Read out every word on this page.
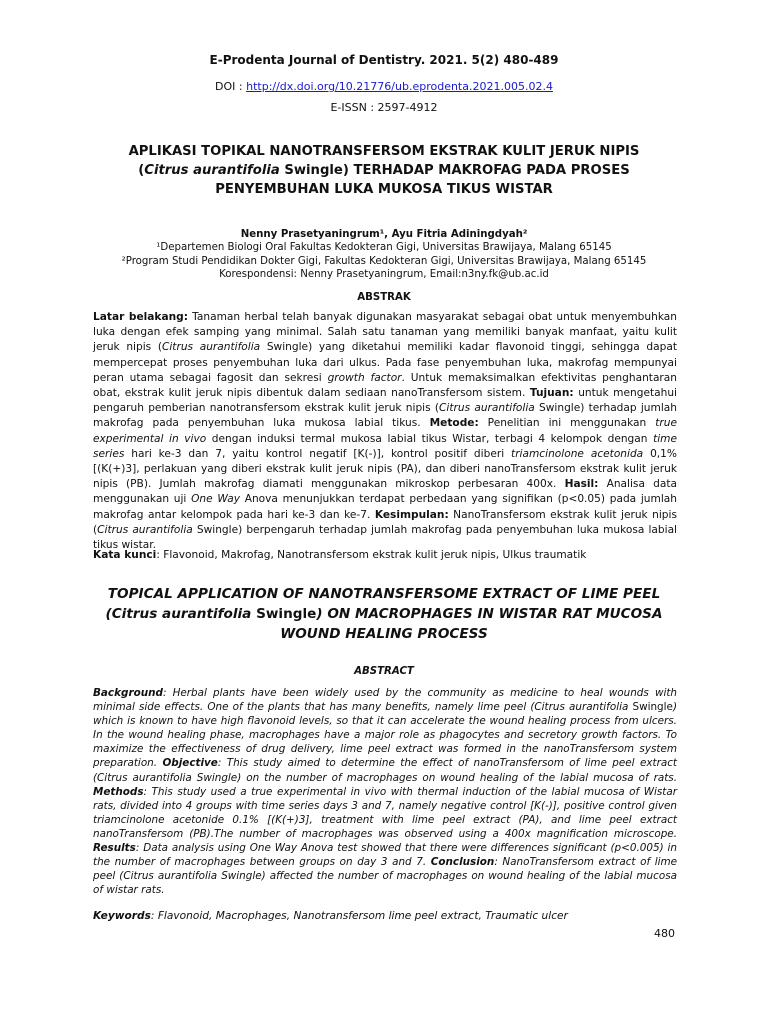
E-Prodenta Journal of Dentistry. 2021. 5(2) 480-489
DOI : http://dx.doi.org/10.21776/ub.eprodenta.2021.005.02.4
E-ISSN : 2597-4912
APLIKASI TOPIKAL NANOTRANSFERSOM EKSTRAK KULIT JERUK NIPIS
(Citrus aurantifolia Swingle) TERHADAP MAKROFAG PADA PROSES
PENYEMBUHAN LUKA MUKOSA TIKUS WISTAR
Nenny Prasetyaningrum¹, Ayu Fitria Adiningdyah²
¹Departemen Biologi Oral Fakultas Kedokteran Gigi, Universitas Brawijaya, Malang 65145
²Program Studi Pendidikan Dokter Gigi, Fakultas Kedokteran Gigi, Universitas Brawijaya, Malang 65145
Korespondensi: Nenny Prasetyaningrum, Email:n3ny.fk@ub.ac.id
ABSTRAK
Latar belakang: Tanaman herbal telah banyak digunakan masyarakat sebagai obat untuk menyembuhkan luka dengan efek samping yang minimal. Salah satu tanaman yang memiliki banyak manfaat, yaitu kulit jeruk nipis (Citrus aurantifolia Swingle) yang diketahui memiliki kadar flavonoid tinggi, sehingga dapat mempercepat proses penyembuhan luka dari ulkus. Pada fase penyembuhan luka, makrofag mempunyai peran utama sebagai fagosit dan sekresi growth factor. Untuk memaksimalkan efektivitas penghantaran obat, ekstrak kulit jeruk nipis dibentuk dalam sediaan nanoTransfersom sistem. Tujuan: untuk mengetahui pengaruh pemberian nanotransfersom ekstrak kulit jeruk nipis (Citrus aurantifolia Swingle) terhadap jumlah makrofag pada penyembuhan luka mukosa labial tikus. Metode: Penelitian ini menggunakan true experimental in vivo dengan induksi termal mukosa labial tikus Wistar, terbagi 4 kelompok dengan time series hari ke-3 dan 7, yaitu kontrol negatif [K(-)], kontrol positif diberi triamcinolone acetonida 0,1% [(K(+)3], perlakuan yang diberi ekstrak kulit jeruk nipis (PA), dan diberi nanoTransfersom ekstrak kulit jeruk nipis (PB). Jumlah makrofag diamati menggunakan mikroskop perbesaran 400x. Hasil: Analisa data menggunakan uji One Way Anova menunjukkan terdapat perbedaan yang signifikan (p<0.05) pada jumlah makrofag antar kelompok pada hari ke-3 dan ke-7. Kesimpulan: NanoTransfersom ekstrak kulit jeruk nipis (Citrus aurantifolia Swingle) berpengaruh terhadap jumlah makrofag pada penyembuhan luka mukosa labial tikus wistar.
Kata kunci: Flavonoid, Makrofag, Nanotransfersom ekstrak kulit jeruk nipis, Ulkus traumatik
TOPICAL APPLICATION OF NANOTRANSFERSOME EXTRACT OF LIME PEEL
(Citrus aurantifolia Swingle) ON MACROPHAGES IN WISTAR RAT MUCOSA
WOUND HEALING PROCESS
ABSTRACT
Background: Herbal plants have been widely used by the community as medicine to heal wounds with minimal side effects. One of the plants that has many benefits, namely lime peel (Citrus aurantifolia Swingle) which is known to have high flavonoid levels, so that it can accelerate the wound healing process from ulcers. In the wound healing phase, macrophages have a major role as phagocytes and secretory growth factors. To maximize the effectiveness of drug delivery, lime peel extract was formed in the nanoTransfersom system preparation. Objective: This study aimed to determine the effect of nanoTransfersom of lime peel extract (Citrus aurantifolia Swingle) on the number of macrophages on wound healing of the labial mucosa of rats. Methods: This study used a true experimental in vivo with thermal induction of the labial mucosa of Wistar rats, divided into 4 groups with time series days 3 and 7, namely negative control [K(-)], positive control given triamcinolone acetonide 0.1% [(K(+)3], treatment with lime peel extract (PA), and lime peel extract nanoTransfersom (PB).The number of macrophages was observed using a 400x magnification microscope. Results: Data analysis using One Way Anova test showed that there were differences significant (p<0.005) in the number of macrophages between groups on day 3 and 7. Conclusion: NanoTransfersom extract of lime peel (Citrus aurantifolia Swingle) affected the number of macrophages on wound healing of the labial mucosa of wistar rats.
Keywords: Flavonoid, Macrophages, Nanotransfersom lime peel extract, Traumatic ulcer
480
